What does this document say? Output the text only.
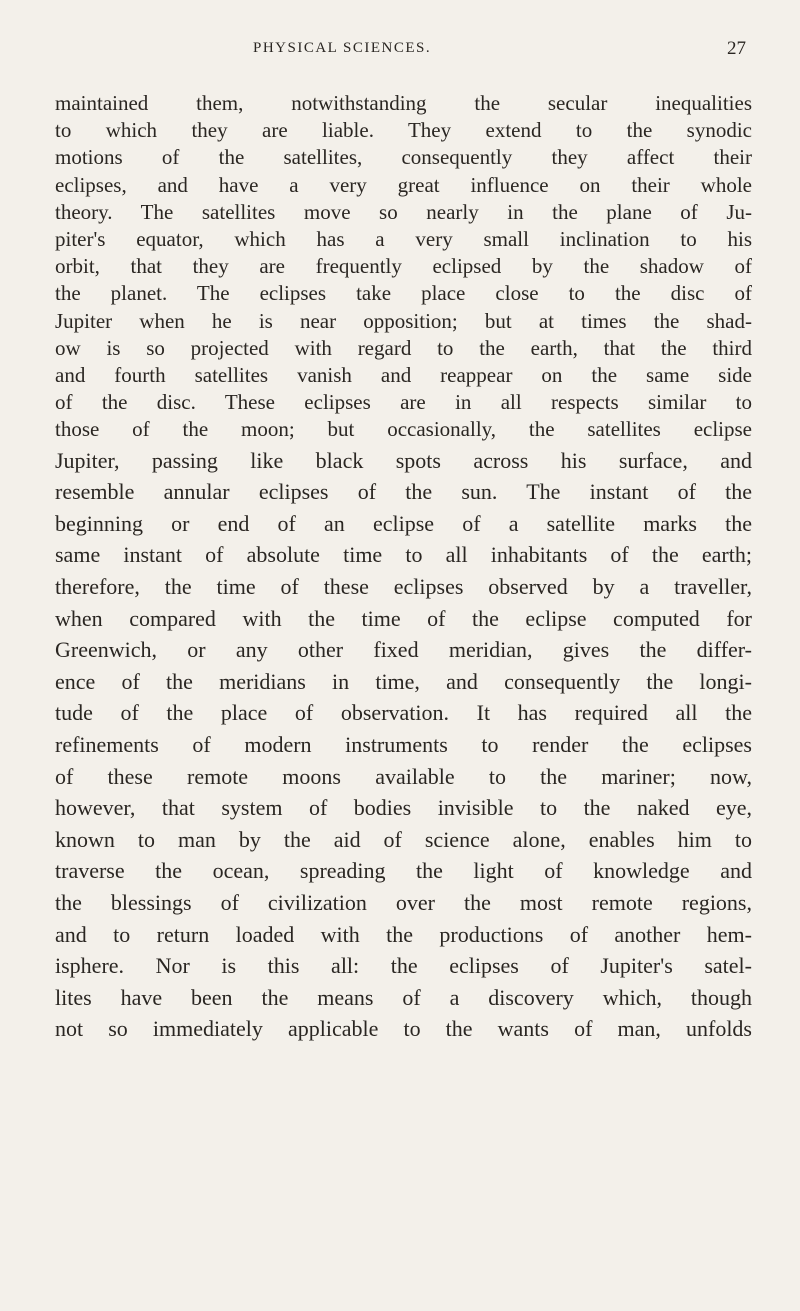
PHYSICAL SCIENCES.	27
maintained them, notwithstanding the secular inequalities
to which they are liable. They extend to the synodic
motions of the satellites, consequently they affect their
eclipses, and have a very great influence on their whole
theory. The satellites move so nearly in the plane of Ju-
piter's equator, which has a very small inclination to his
orbit, that they are frequently eclipsed by the shadow of
the planet. The eclipses take place close to the disc of
Jupiter when he is near opposition; but at times the shad-
ow is so projected with regard to the earth, that the third
and fourth satellites vanish and reappear on the same side
of the disc. These eclipses are in all respects similar to
those of the moon; but occasionally, the satellites eclipse
Jupiter, passing like black spots across his surface, and
resemble annular eclipses of the sun. The instant of the
beginning or end of an eclipse of a satellite marks the
same instant of absolute time to all inhabitants of the earth;
therefore, the time of these eclipses observed by a traveller,
when compared with the time of the eclipse computed for
Greenwich, or any other fixed meridian, gives the differ-
ence of the meridians in time, and consequently the longi-
tude of the place of observation. It has required all the
refinements of modern instruments to render the eclipses
of these remote moons available to the mariner; now,
however, that system of bodies invisible to the naked eye,
known to man by the aid of science alone, enables him to
traverse the ocean, spreading the light of knowledge and
the blessings of civilization over the most remote regions,
and to return loaded with the productions of another hem-
isphere. Nor is this all: the eclipses of Jupiter's satel-
lites have been the means of a discovery which, though
not so immediately applicable to the wants of man, unfolds
